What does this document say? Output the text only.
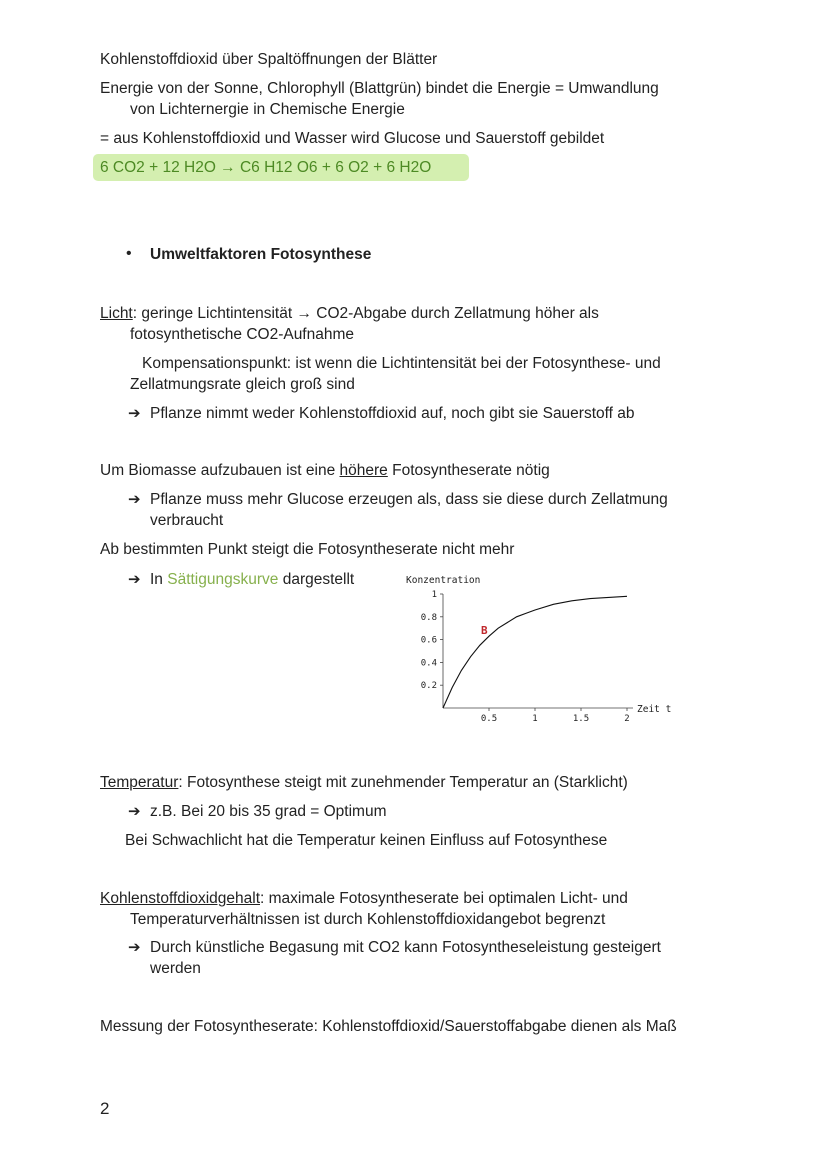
Kohlenstoffdioxid über Spaltöffnungen der Blätter
Energie von der Sonne, Chlorophyll (Blattgrün) bindet die Energie = Umwandlung
von Lichternergie in Chemische Energie
= aus Kohlenstoffdioxid und Wasser wird Glucose und Sauerstoff gebildet
6 CO2 + 12 H2O → C6 H12 O6 + 6 O2 + 6 H2O
• Umweltfaktoren Fotosynthese
Licht: geringe Lichtintensität → CO2-Abgabe durch Zellatmung höher als
fotosynthetische CO2-Aufnahme
Kompensationspunkt: ist wenn die Lichtintensität bei der Fotosynthese- und
Zellatmungsrate gleich groß sind
➔ Pflanze nimmt weder Kohlenstoffdioxid auf, noch gibt sie Sauerstoff ab
Um Biomasse aufzubauen ist eine höhere Fotosyntheserate nötig
➔ Pflanze muss mehr Glucose erzeugen als, dass sie diese durch Zellatmung
verbraucht
Ab bestimmten Punkt steigt die Fotosyntheserate nicht mehr
➔ In Sättigungskurve dargestellt	Konzentration
Zeit t
0.5	1	1.5	2
0.2
0.4
0.6
0.8
1
B
Temperatur: Fotosynthese steigt mit zunehmender Temperatur an (Starklicht)
➔ z.B. Bei 20 bis 35 grad = Optimum
Bei Schwachlicht hat die Temperatur keinen Einfluss auf Fotosynthese
Kohlenstoffdioxidgehalt: maximale Fotosyntheserate bei optimalen Licht- und
Temperaturverhältnissen ist durch Kohlenstoffdioxidangebot begrenzt
➔ Durch künstliche Begasung mit CO2 kann Fotosyntheseleistung gesteigert
werden
Messung der Fotosyntheserate: Kohlenstoffdioxid/Sauerstoffabgabe dienen als Maß
2
